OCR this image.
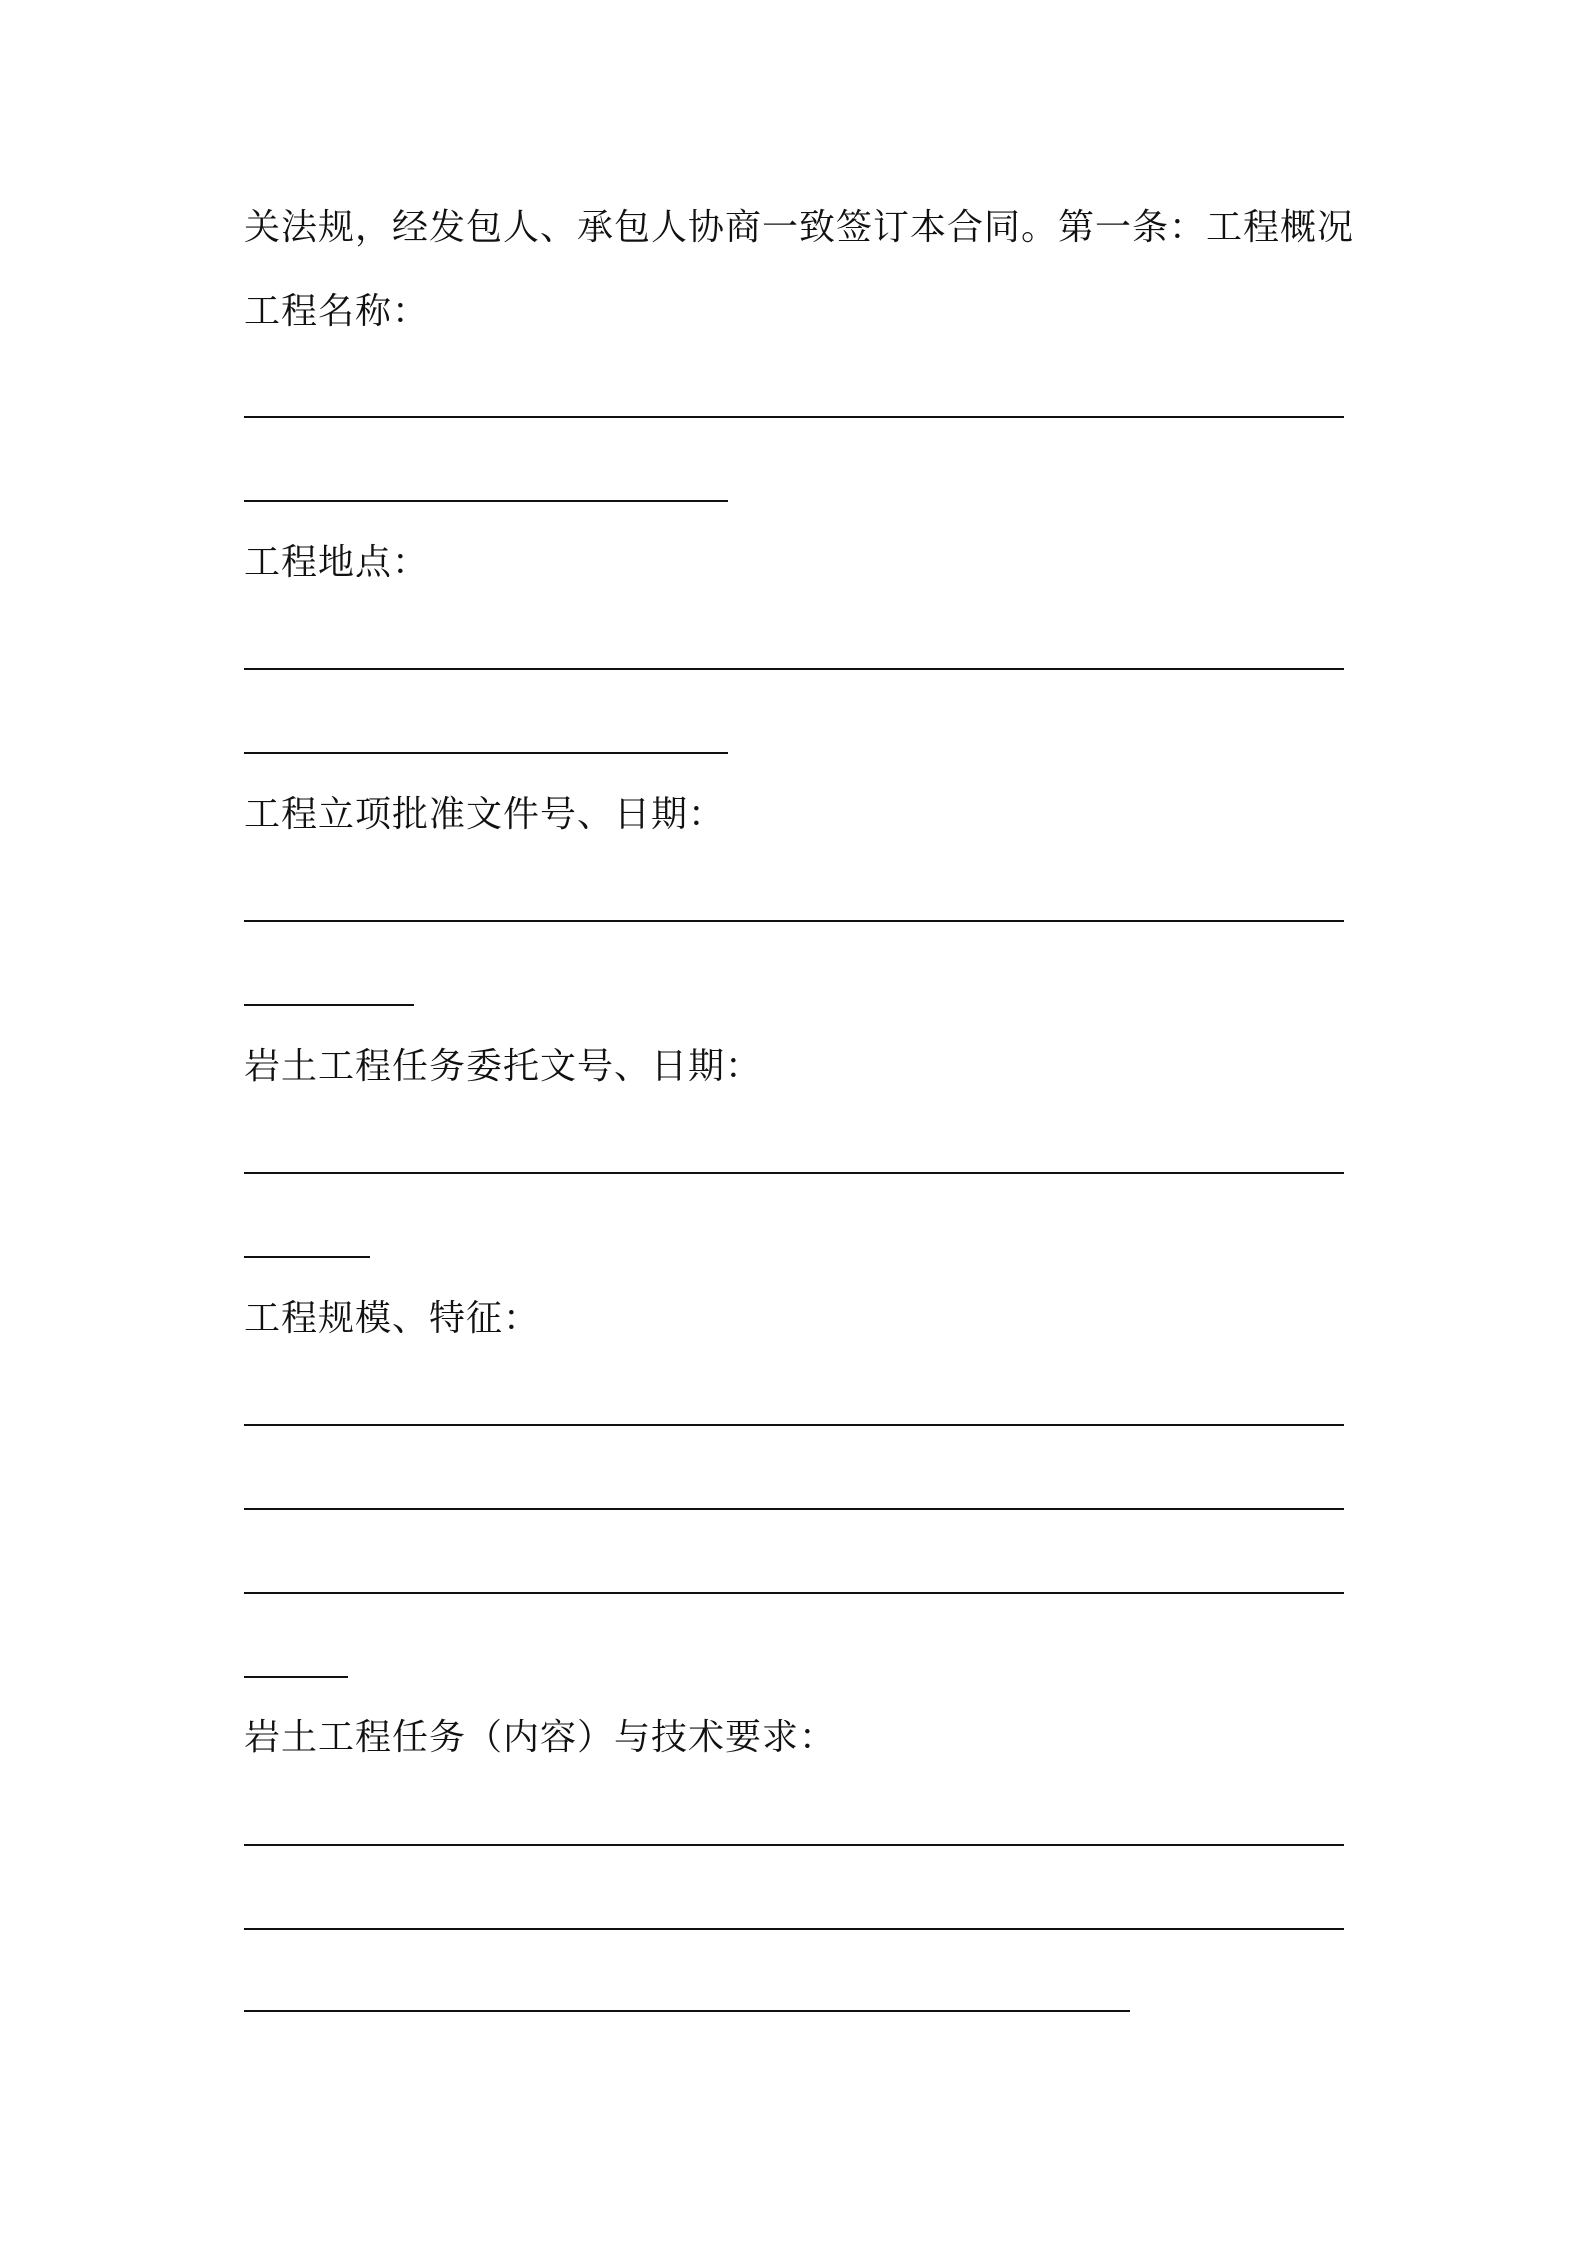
关法规，经发包人、承包人协商一致签订本合同。第一条：工程概况
工程名称：
工程地点：
工程立项批准文件号、日期：
岩土工程任务委托文号、日期：
工程规模、特征：
岩土工程任务（内容）与技术要求：
